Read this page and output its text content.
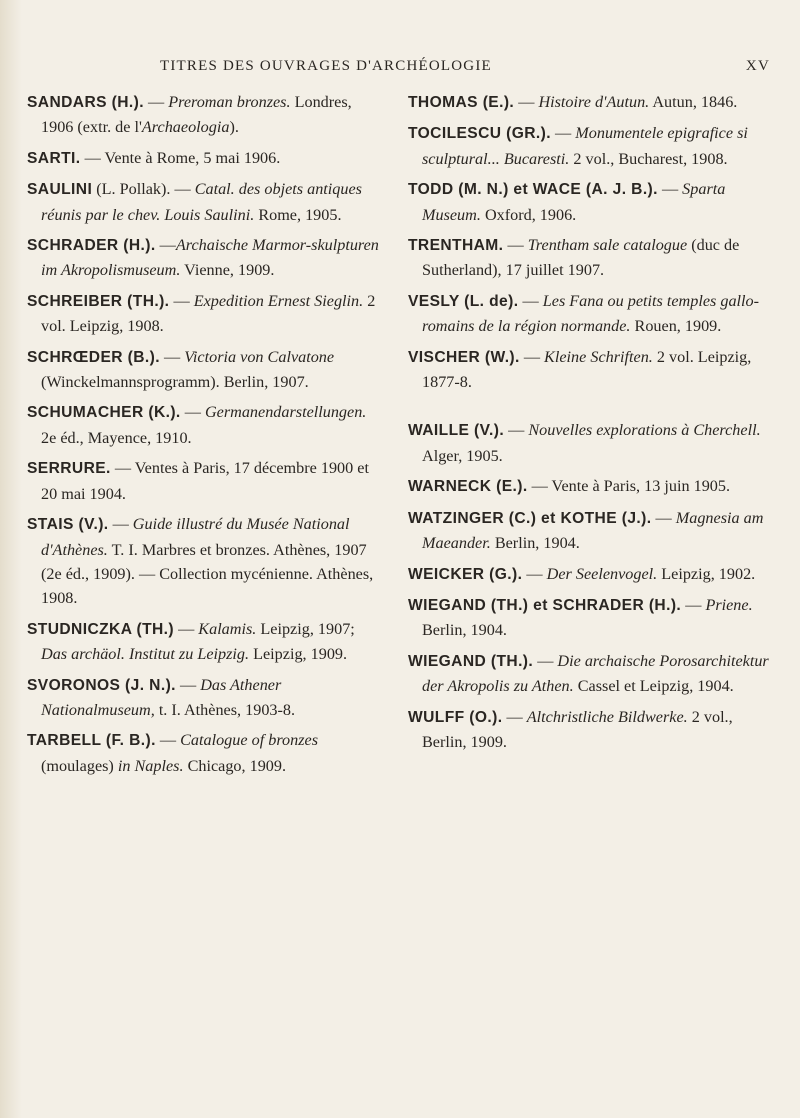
TITRES DES OUVRAGES D'ARCHÉOLOGIE	XV
SANDARS (H.). — Preroman bronzes. Londres, 1906 (extr. de l'Archaeologia).
SARTI. — Vente à Rome, 5 mai 1906.
SAULINI (L. Pollak). — Catal. des objets antiques réunis par le chev. Louis Saulini. Rome, 1905.
SCHRADER (H.). —Archaische Marmor-skulpturen im Akropolismuseum. Vienne, 1909.
SCHREIBER (TH.). — Expedition Ernest Sieglin. 2 vol. Leipzig, 1908.
SCHRŒDER (B.). — Victoria von Calvatone (Winckelmannsprogramm). Berlin, 1907.
SCHUMACHER (K.). — Germanendarstellungen. 2e éd., Mayence, 1910.
SERRURE. — Ventes à Paris, 17 décembre 1900 et 20 mai 1904.
STAIS (V.). — Guide illustré du Musée National d'Athènes. T. I. Marbres et bronzes. Athènes, 1907 (2e éd., 1909). — Collection mycénienne. Athènes, 1908.
STUDNICZKA (TH.) — Kalamis. Leipzig, 1907; Das archäol. Institut zu Leipzig. Leipzig, 1909.
SVORONOS (J. N.). — Das Athener Nationalmuseum, t. I. Athènes, 1903-8.
TARBELL (F. B.). — Catalogue of bronzes (moulages) in Naples. Chicago, 1909.
THOMAS (E.). — Histoire d'Autun. Autun, 1846.
TOCILESCU (GR.). — Monumentele epigrafice si sculptural... Bucaresti. 2 vol., Bucharest, 1908.
TODD (M. N.) et WACE (A. J. B.). — Sparta Museum. Oxford, 1906.
TRENTHAM. — Trentham sale catalogue (duc de Sutherland), 17 juillet 1907.
VESLY (L. de). — Les Fana ou petits temples gallo-romains de la région normande. Rouen, 1909.
VISCHER (W.). — Kleine Schriften. 2 vol. Leipzig, 1877-8.
WAILLE (V.). — Nouvelles explorations à Cherchell. Alger, 1905.
WARNECK (E.). — Vente à Paris, 13 juin 1905.
WATZINGER (C.) et KOTHE (J.). — Magnesia am Maeander. Berlin, 1904.
WEICKER (G.). — Der Seelenvogel. Leipzig, 1902.
WIEGAND (TH.) et SCHRADER (H.). — Priene. Berlin, 1904.
WIEGAND (TH.). — Die archaische Porosarchitektur der Akropolis zu Athen. Cassel et Leipzig, 1904.
WULFF (O.). — Altchristliche Bildwerke. 2 vol., Berlin, 1909.
